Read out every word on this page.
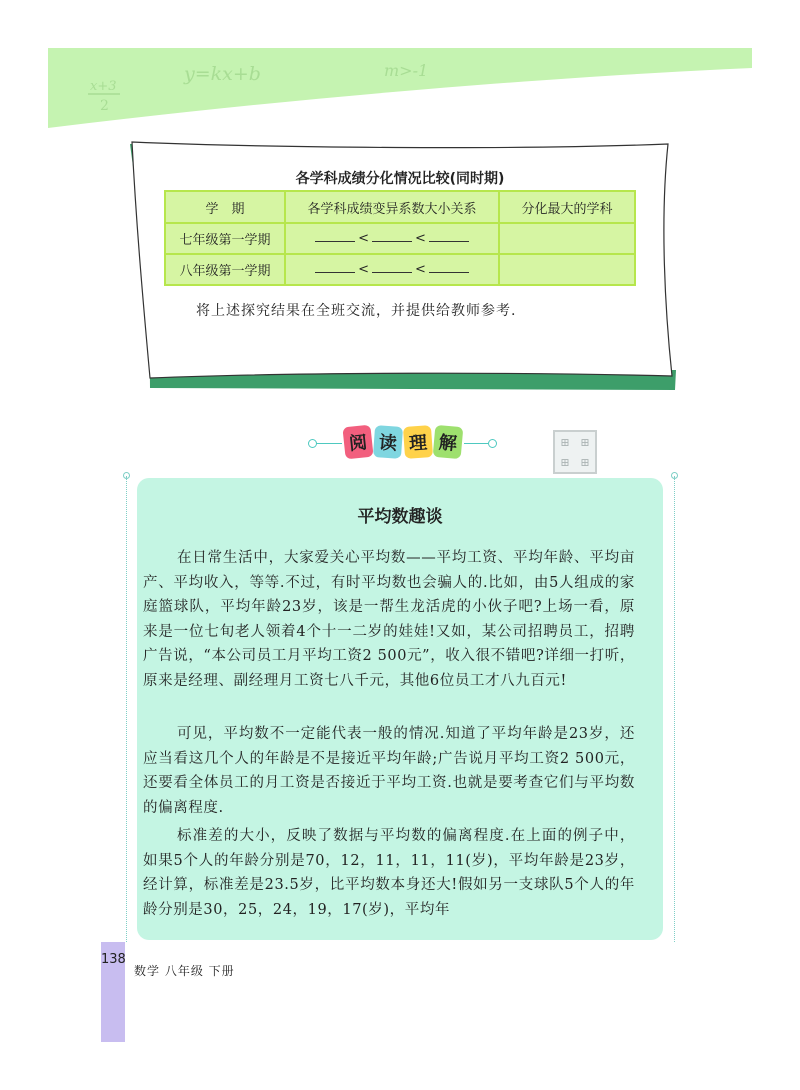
x+3
2
y=kx+b	m>-1
各学科成绩分化情况比较(同时期)
学　期	各学科成绩变异系数大小关系	分化最大的学科
七年级第一学期	< <	
八年级第一学期	< <	
将上述探究结果在全班交流，并提供给教师参考.
阅 读 理 解	⊞ ⊞
⊞ ⊞
平均数趣谈

在日常生活中，大家爱关心平均数——平均工资、平均年龄、平均亩产、平均收入，等等.不过，有时平均数也会骗人的.比如，由5人组成的家庭篮球队，平均年龄23岁，该是一帮生龙活虎的小伙子吧?上场一看，原来是一位七旬老人领着4个十一二岁的娃娃!又如，某公司招聘员工，招聘广告说，“本公司员工月平均工资2 500元”，收入很不错吧?详细一打听，原来是经理、副经理月工资七八千元，其他6位员工才八九百元!

可见，平均数不一定能代表一般的情况.知道了平均年龄是23岁，还应当看这几个人的年龄是不是接近平均年龄;广告说月平均工资2 500元，还要看全体员工的月工资是否接近于平均工资.也就是要考查它们与平均数的偏离程度.

标准差的大小，反映了数据与平均数的偏离程度.在上面的例子中，如果5个人的年龄分别是70，12，11，11，11(岁)，平均年龄是23岁，经计算，标准差是23.5岁，比平均数本身还大!假如另一支球队5个人的年龄分别是30，25，24，19，17(岁)，平均年

138
数学 八年级 下册
